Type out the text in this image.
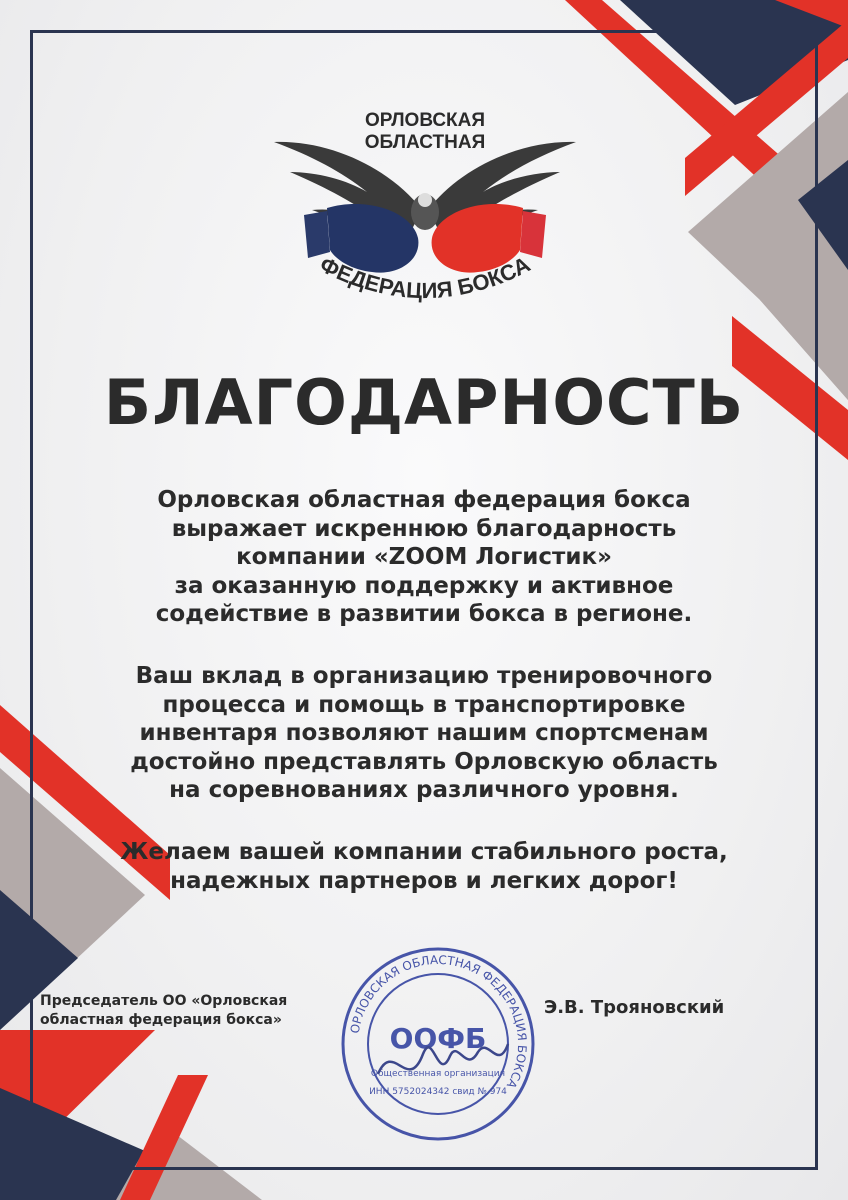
ОРЛОВСКАЯ
ОБЛАСТНАЯ
ФЕДЕРАЦИЯ БОКСА
БЛАГОДАРНОСТЬ
Орловская областная федерация бокса
выражает искреннюю благодарность
компании «ZOOM Логистик»
за оказанную поддержку и активное
содействие в развитии бокса в регионе.
Ваш вклад в организацию тренировочного
процесса и помощь в транспортировке
инвентаря позволяют нашим спортсменам
достойно представлять Орловскую область
на соревнованиях различного уровня.
Желаем вашей компании стабильного роста,
надежных партнеров и легких дорог!
Председатель ОО «Орловская
областная федерация бокса»
ОРЛОВСКАЯ ОБЛАСТНАЯ ФЕДЕРАЦИЯ БОКСА
ООФБ
Общественная организация
ИНН 5752024342 свид № 974
Э.В. Трояновский
